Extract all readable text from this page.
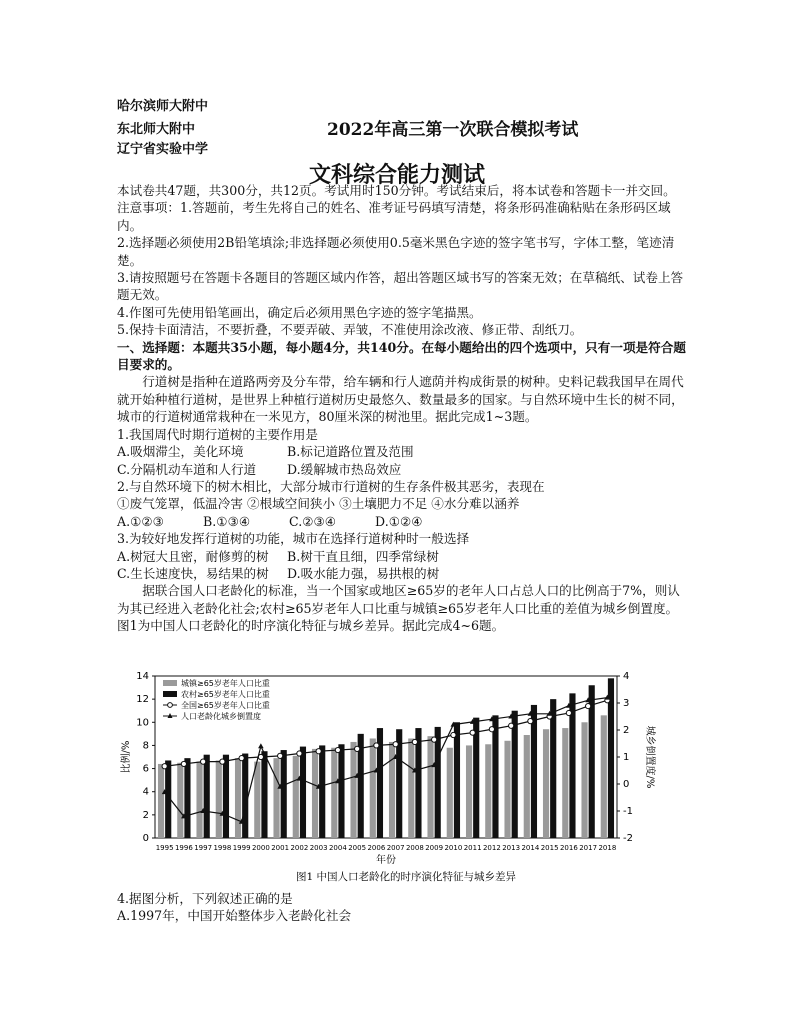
哈尔滨师大附中
东北师大附中
辽宁省实验中学
2022年高三第一次联合模拟考试
文科综合能力测试

本试卷共47题，共300分，共12页。考试用时150分钟。考试结束后，将本试卷和答题卡一并交回。

注意事项：1.答题前，考生先将自己的姓名、准考证号码填写清楚，将条形码准确粘贴在条形码区域内。

2.选择题必须使用2B铅笔填涂;非选择题必须使用0.5毫米黑色字迹的签字笔书写，字体工整，笔迹清楚。

3.请按照题号在答题卡各题目的答题区域内作答，超出答题区域书写的答案无效；在草稿纸、试卷上答题无效。

4.作图可先使用铅笔画出，确定后必须用黑色字迹的签字笔描黑。

5.保持卡面清洁，不要折叠，不要弄破、弄皱，不准使用涂改液、修正带、刮纸刀。

一、选择题：本题共35小题，每小题4分，共140分。在每小题给出的四个选项中，只有一项是符合题目要求的。

行道树是指种在道路两旁及分车带，给车辆和行人遮荫并构成街景的树种。史料记载我国早在周代就开始种植行道树，是世界上种植行道树历史最悠久、数量最多的国家。与自然环境中生长的树不同，城市的行道树通常栽种在一米见方，80厘米深的树池里。据此完成1~3题。

1.我国周代时期行道树的主要作用是

A.吸烟滞尘，美化环境	B.标记道路位置及范围
C.分隔机动车道和人行道	D.缓解城市热岛效应

2.与自然环境下的树木相比，大部分城市行道树的生存条件极其恶劣，表现在

①废气笼罩，低温冷害 ②根域空间狭小 ③土壤肥力不足 ④水分难以涵养

A.①②③	B.①③④	C.②③④	D.①②④

3.为较好地发挥行道树的功能，城市在选择行道树种时一般选择

A.树冠大且密，耐修剪的树	B.树干直且细，四季常绿树
C.生长速度快，易结果的树	D.吸水能力强，易拱根的树

据联合国人口老龄化的标准，当一个国家或地区≥65岁的老年人口占总人口的比例高于7%，则认为其已经进入老龄化社会;农村≥65岁老年人口比重与城镇≥65岁老年人口比重的差值为城乡倒置度。图1为中国人口老龄化的时序演化特征与城乡差异。据此完成4~6题。

0
2
4
6
8
10
12
14
-2
-1
0
1
2
3
4
1995 1996 1997 1998 1999 2000 2001 2002 2003 2004 2005 2006 2007 2008 2009 2010 2011 2012 2013 2014 2015 2016 2017 2018
城镇≥65岁老年人口比重
农村≥65岁老年人口比重
全国≥65岁老年人口比重
人口老龄化城乡倒置度
比例/%	城乡倒置度/%
年份
图1 中国人口老龄化的时序演化特征与城乡差异

4.据图分析，下列叙述正确的是

A.1997年，中国开始整体步入老龄化社会
